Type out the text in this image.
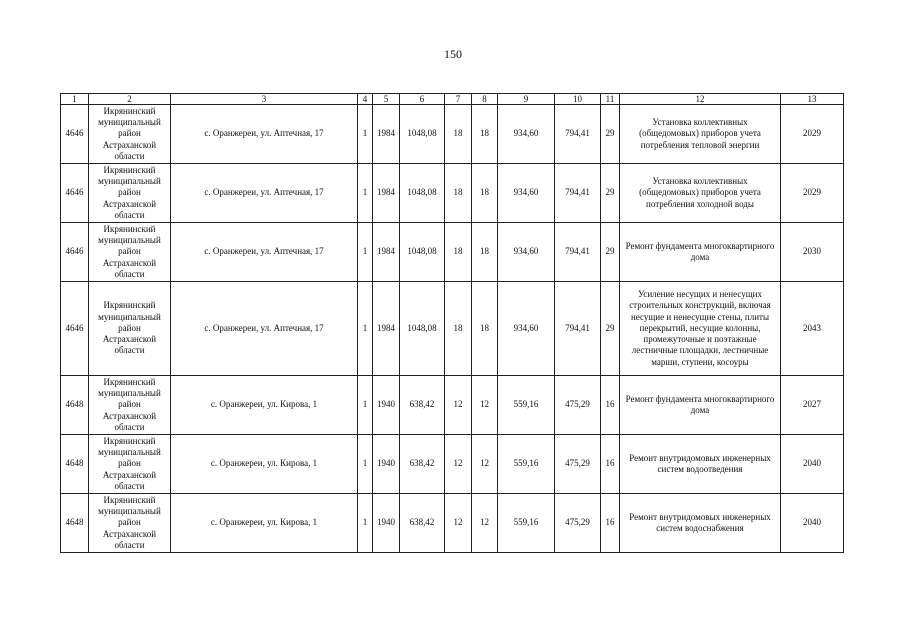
150
1	2	3	4	5	6	7	8	9	10	11	12	13
4646	Икрянинский муниципальный район Астраханской области	с. Оранжереи, ул. Аптечная, 17	1	1984	1048,08	18	18	934,60	794,41	29	Установка коллективных (общедомовых) приборов учета потребления тепловой энергии	2029
4646	Икрянинский муниципальный район Астраханской области	с. Оранжереи, ул. Аптечная, 17	1	1984	1048,08	18	18	934,60	794,41	29	Установка коллективных (общедомовых) приборов учета потребления холодной воды	2029
4646	Икрянинский муниципальный район Астраханской области	с. Оранжереи, ул. Аптечная, 17	1	1984	1048,08	18	18	934,60	794,41	29	Ремонт фундамента многоквартирного дома	2030
4646	Икрянинский муниципальный район Астраханской области	с. Оранжереи, ул. Аптечная, 17	1	1984	1048,08	18	18	934,60	794,41	29	Усиление несущих и ненесущих строительных конструкций, включая несущие и ненесущие стены, плиты перекрытий, несущие колонны, промежуточные и поэтажные лестничные площадки, лестничные марши, ступени, косоуры	2043
4648	Икрянинский муниципальный район Астраханской области	с. Оранжереи, ул. Кирова, 1	1	1940	638,42	12	12	559,16	475,29	16	Ремонт фундамента многоквартирного дома	2027
4648	Икрянинский муниципальный район Астраханской области	с. Оранжереи, ул. Кирова, 1	1	1940	638,42	12	12	559,16	475,29	16	Ремонт внутридомовых инженерных систем водоотведения	2040
4648	Икрянинский муниципальный район Астраханской области	с. Оранжереи, ул. Кирова, 1	1	1940	638,42	12	12	559,16	475,29	16	Ремонт внутридомовых инженерных систем водоснабжения	2040
